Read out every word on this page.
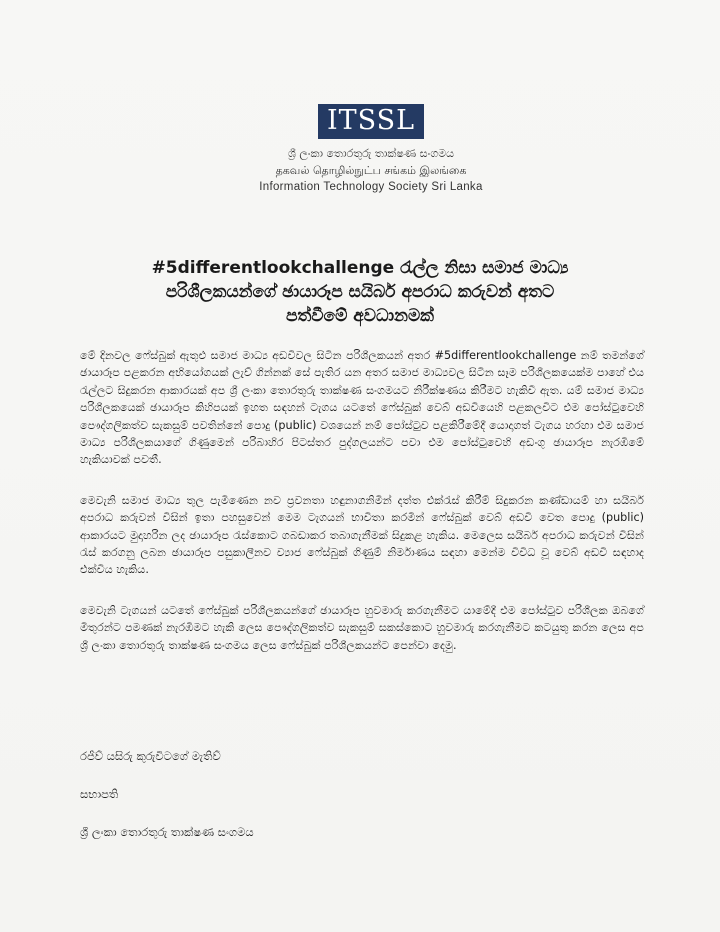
ITSSL
ශ්‍රී ලංකා තොරතුරු තාක්ෂණ සංගමය
தகவல் தொழில்நுட்ப சங்கம் இலங்கை
Information Technology Society Sri Lanka
#5differentlookchallenge රැල්ල නිසා සමාජ මාධ්‍ය
පරිශීලකයන්ගේ ඡායාරූප සයිබර් අපරාධ කරුවන් අතට
පත්වීමේ අවධානමක්

මේ දිනවල ෆේස්බුක් ඇතුළු සමාජ මාධ්‍ය අඩවිවල සිටින පරිශීලකයන් අතර #5differentlookchallenge නම් තමන්ගේ ඡායාරූප පළකරන අභියෝගයක් ලැව් ගින්නක් සේ පැතිර යන අතර සමාජ මාධ්‍යවල සිටින සෑම පරිශීලකයෙක්ම පාහේ එය රැල්ලට සිදුකරන ආකාරයක් අප ශ්‍රී ලංකා තොරතුරු තාක්ෂණ සංගමයට නිරීක්ෂණය කිරීමට හැකිවී ඇත. යම් සමාජ මාධ්‍ය පරිශීලකයෙක් ඡායාරූප කිහිපයක් ඉහත සඳහන් ටැගය යටතේ ෆේස්බුක් වෙබ් අඩවියෙහි පළකලවිට එම පෝස්ටුවෙහි පෞද්ගලිකත්ව සැකසුම් පවතින්නේ පොදු (public) වශයෙන් නම් පෝස්ටුව පළකිරීමේදී යොදාගත් ටැගය හරහා එම සමාජ මාධ්‍ය පරිශීලකයාගේ ගිණුමෙන් පරිබාහිර පිටස්තර පුද්ගලයන්ට පවා එම පෝස්ටුවෙහි අඩංගු ඡායාරූප නැරඹීමේ හැකියාවක් පවතී.

මෙවැනි සමාජ මාධ්‍ය තුල පැමිණෙන නව ප්‍රවනතා හඳුනාගනිමින් දත්ත එක්රැස් කිරීම් සිදුකරන කණ්ඩායම් හා සයිබර් අපරාධ කරුවන් විසින් ඉතා පහසුවෙන් මෙම ටැගයන් භාවිතා කරමින් ෆේස්බුක් වෙබ් අඩවි වෙත පොදු (public) ආකාරයට මුදාහරින ලද ඡායාරූප රැස්කොට ගබඩාකර තබාගැනීමක් සිදුකළ හැකිය. මෙලෙස සයිබර් අපරාධ කරුවන් විසින් රැස් කරගනු ලබන ඡායාරූප පසුකාලීනව ව්‍යාජ ෆේස්බුක් ගිණුම් නිර්මාණය සඳහා මෙන්ම විවිධ වූ වෙබ් අඩවි සඳහාද එක්විය හැකිය.

මෙවැනි ටැගයන් යටතේ ෆේස්බුක් පරිශීලකයන්ගේ ඡායාරූප හුවමාරු කරගැනීමට යාමේදී එම පෝස්ටුව පරිශීලක ඔබගේ මිතුරන්ට පමණක් නැරඹීමට හැකි ලෙස පෞද්ගලිකත්ව සැකසුම් සකස්කොට හුවමාරු කරගැනීමට කටයුතු කරන ලෙස අප ශ්‍රී ලංකා තොරතුරු තාක්ෂණ සංගමය ලෙස ෆේස්බුක් පරිශීලකයන්ට පෙන්වා දෙමු.

රජීව් යසිරු කුරුවිටගේ මැතිව්
සභාපති
ශ්‍රී ලංකා තොරතුරු තාක්ෂණ සංගමය
